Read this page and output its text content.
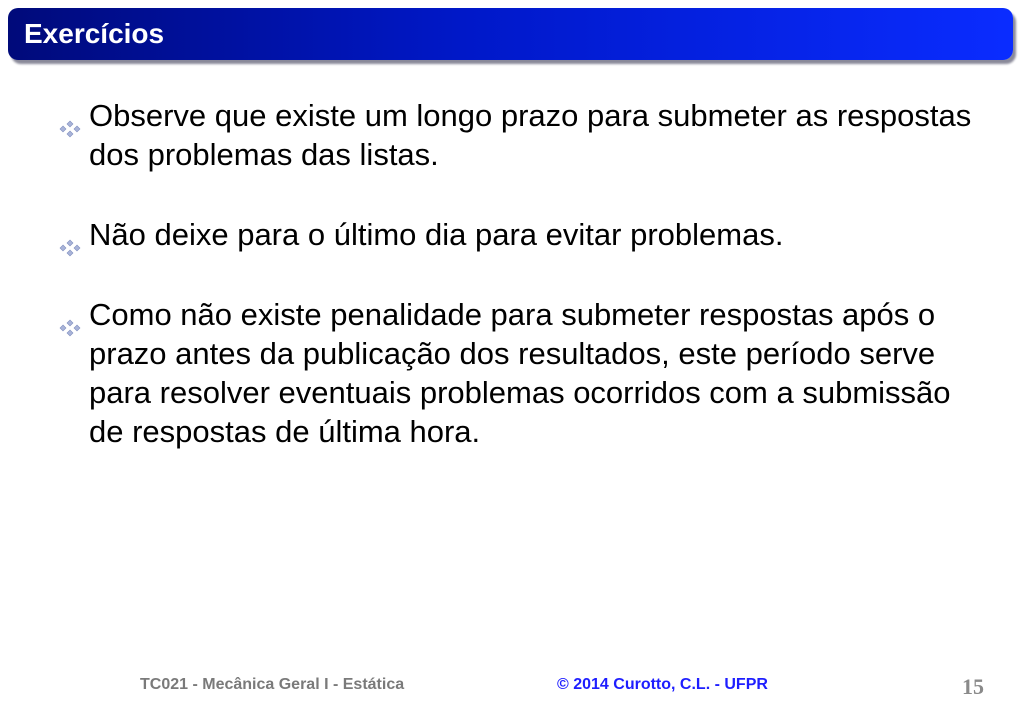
Exercícios
Observe que existe um longo prazo para submeter as respostas dos problemas das listas.
Não deixe para o último dia para evitar problemas.
Como não existe penalidade para submeter respostas após o prazo antes da publicação dos resultados, este período serve para resolver eventuais problemas ocorridos com a submissão de respostas de última hora.
TC021 - Mecânica Geral I - Estática	© 2014 Curotto, C.L. - UFPR	15
